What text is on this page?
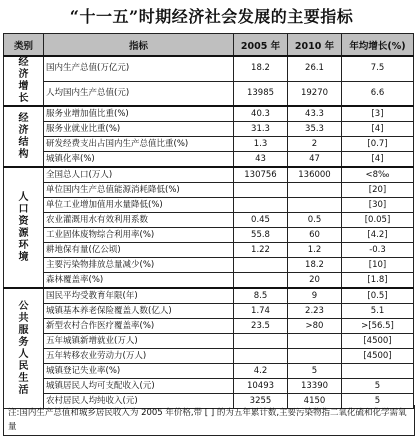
“十一五”时期经济社会发展的主要指标
类别	指标	2005 年	2010 年	年均增长(%)
经济增长	国内生产总值(万亿元)	18.2	26.1	7.5
	人均国内生产总值(元)	13985	19270	6.6
经济结构	服务业增加值比重(%)	40.3	43.3	[3]
	服务业就业比重(%)	31.3	35.3	[4]
	研发经费支出占国内生产总值比重(%)	1.3	2	[0.7]
	城镇化率(%)	43	47	[4]
人口资源环境	全国总人口(万人)	130756	136000	<8‰
	单位国内生产总值能源消耗降低(%)			[20]
	单位工业增加值用水量降低(%)			[30]
	农业灌溉用水有效利用系数	0.45	0.5	[0.05]
	工业固体废物综合利用率(%)	55.8	60	[4.2]
	耕地保有量(亿公顷)	1.22	1.2	-0.3
	主要污染物排放总量减少(%)		18.2	[10]
	森林覆盖率(%)		20	[1.8]
公共服务人民生活	国民平均受教育年限(年)	8.5	9	[0.5]
	城镇基本养老保险覆盖人数(亿人)	1.74	2.23	5.1
	新型农村合作医疗覆盖率(%)	23.5	>80	>[56.5]
	五年城镇新增就业(万人)			[4500]
	五年转移农业劳动力(万人)			[4500]
	城镇登记失业率(%)	4.2	5	
	城镇居民人均可支配收入(元)	10493	13390	5
	农村居民人均纯收入(元)	3255	4150	5
注:国内生产总值和城乡居民收入为 2005 年价格,带 [ ] 的为五年累计数,主要污染物指二氧化硫和化学需氧量
